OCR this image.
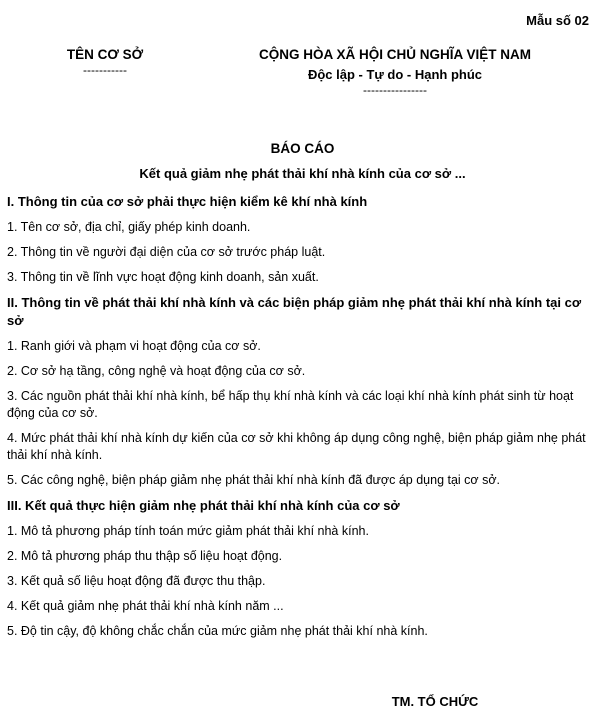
Mẫu số 02
TÊN CƠ SỞ
-----------
CỘNG HÒA XÃ HỘI CHỦ NGHĨA VIỆT NAM
Độc lập - Tự do - Hạnh phúc
----------------
BÁO CÁO
Kết quả giảm nhẹ phát thải khí nhà kính của cơ sở ...
I. Thông tin của cơ sở phải thực hiện kiểm kê khí nhà kính
1. Tên cơ sở, địa chỉ, giấy phép kinh doanh.
2. Thông tin về người đại diện của cơ sở trước pháp luật.
3. Thông tin về lĩnh vực hoạt động kinh doanh, sản xuất.
II. Thông tin về phát thải khí nhà kính và các biện pháp giảm nhẹ phát thải khí nhà kính tại cơ sở
1. Ranh giới và phạm vi hoạt động của cơ sở.
2. Cơ sở hạ tầng, công nghệ và hoạt động của cơ sở.
3. Các nguồn phát thải khí nhà kính, bể hấp thụ khí nhà kính và các loại khí nhà kính phát sinh từ hoạt động của cơ sở.
4. Mức phát thải khí nhà kính dự kiến của cơ sở khi không áp dụng công nghệ, biện pháp giảm nhẹ phát thải khí nhà kính.
5. Các công nghệ, biện pháp giảm nhẹ phát thải khí nhà kính đã được áp dụng tại cơ sở.
III. Kết quả thực hiện giảm nhẹ phát thải khí nhà kính của cơ sở
1. Mô tả phương pháp tính toán mức giảm phát thải khí nhà kính.
2. Mô tả phương pháp thu thập số liệu hoạt động.
3. Kết quả số liệu hoạt động đã được thu thập.
4. Kết quả giảm nhẹ phát thải khí nhà kính năm ...
5. Độ tin cậy, độ không chắc chắn của mức giảm nhẹ phát thải khí nhà kính.
TM. TỔ CHỨC
